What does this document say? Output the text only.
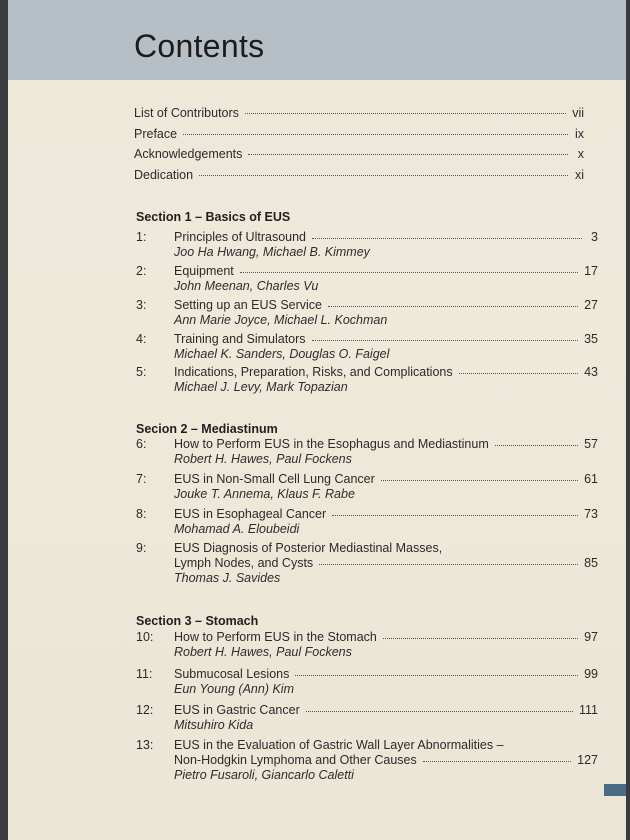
Contents
List of Contributors	vii
Preface	ix
Acknowledgements	x
Dedication	xi
Section 1 – Basics of EUS
1: Principles of Ultrasound	3
Joo Ha Hwang, Michael B. Kimmey
2: Equipment	17
John Meenan, Charles Vu
3: Setting up an EUS Service	27
Ann Marie Joyce, Michael L. Kochman
4: Training and Simulators	35
Michael K. Sanders, Douglas O. Faigel
5: Indications, Preparation, Risks, and Complications	43
Michael J. Levy, Mark Topazian
Secion 2 – Mediastinum
6: How to Perform EUS in the Esophagus and Mediastinum	57
Robert H. Hawes, Paul Fockens
7: EUS in Non-Small Cell Lung Cancer	61
Jouke T. Annema, Klaus F. Rabe
8: EUS in Esophageal Cancer	73
Mohamad A. Eloubeidi
9: EUS Diagnosis of Posterior Mediastinal Masses,
Lymph Nodes, and Cysts	85
Thomas J. Savides
Section 3 – Stomach
10: How to Perform EUS in the Stomach	97
Robert H. Hawes, Paul Fockens
11: Submucosal Lesions	99
Eun Young (Ann) Kim
12: EUS in Gastric Cancer	111
Mitsuhiro Kida
13: EUS in the Evaluation of Gastric Wall Layer Abnormalities –
Non-Hodgkin Lymphoma and Other Causes	127
Pietro Fusaroli, Giancarlo Caletti
